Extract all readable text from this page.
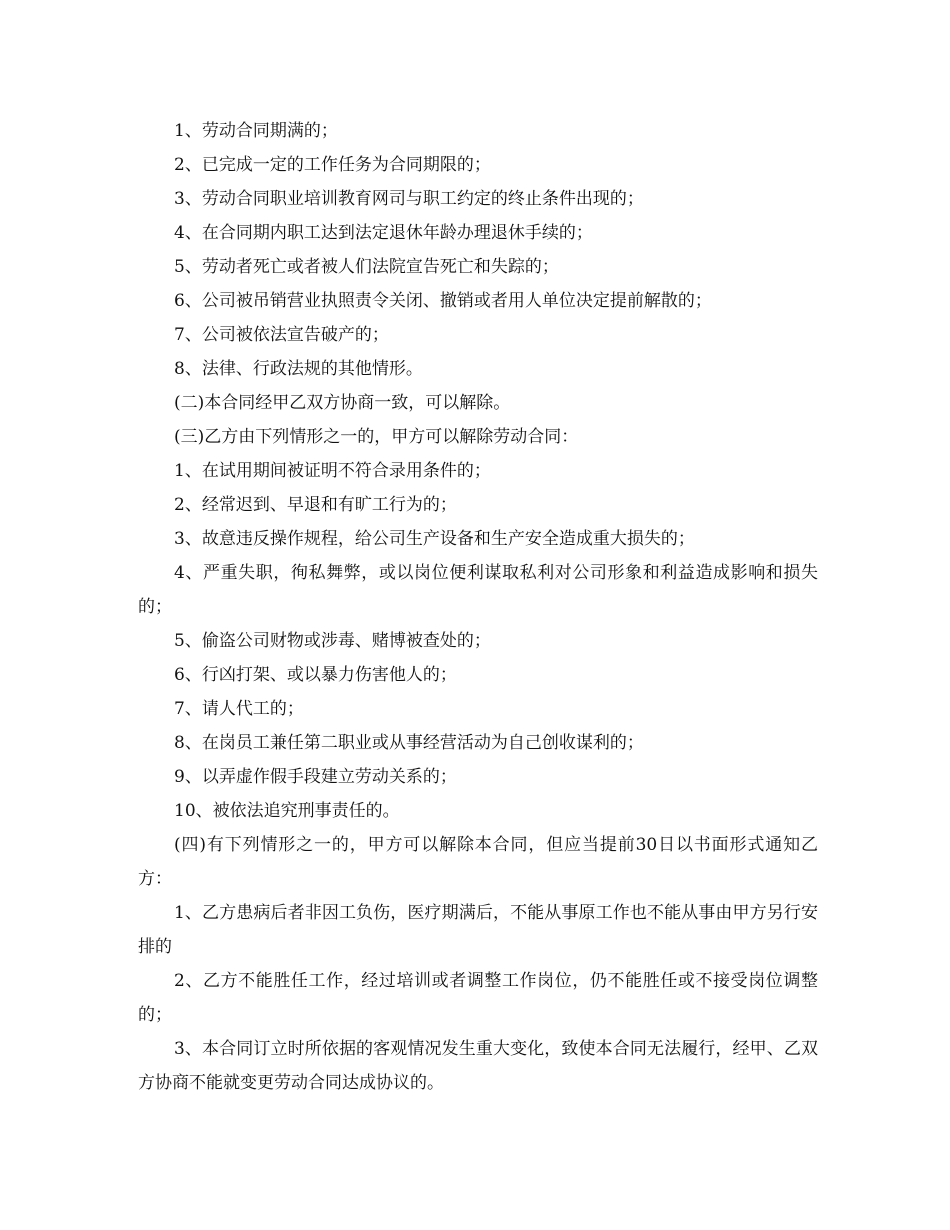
1、劳动合同期满的；

2、已完成一定的工作任务为合同期限的；

3、劳动合同职业培训教育网司与职工约定的终止条件出现的；

4、在合同期内职工达到法定退休年龄办理退休手续的；

5、劳动者死亡或者被人们法院宣告死亡和失踪的；

6、公司被吊销营业执照责令关闭、撤销或者用人单位决定提前解散的；

7、公司被依法宣告破产的；

8、法律、行政法规的其他情形。

(二)本合同经甲乙双方协商一致，可以解除。

(三)乙方由下列情形之一的，甲方可以解除劳动合同：

1、在试用期间被证明不符合录用条件的；

2、经常迟到、早退和有旷工行为的；

3、故意违反操作规程，给公司生产设备和生产安全造成重大损失的；

4、严重失职，徇私舞弊，或以岗位便利谋取私利对公司形象和利益造成影响和损失的；

5、偷盗公司财物或涉毒、赌博被查处的；

6、行凶打架、或以暴力伤害他人的；

7、请人代工的；

8、在岗员工兼任第二职业或从事经营活动为自己创收谋利的；

9、以弄虚作假手段建立劳动关系的；

10、被依法追究刑事责任的。

(四)有下列情形之一的，甲方可以解除本合同，但应当提前30日以书面形式通知乙方：

1、乙方患病后者非因工负伤，医疗期满后，不能从事原工作也不能从事由甲方另行安排的

2、乙方不能胜任工作，经过培训或者调整工作岗位，仍不能胜任或不接受岗位调整的；

3、本合同订立时所依据的客观情况发生重大变化，致使本合同无法履行，经甲、乙双方协商不能就变更劳动合同达成协议的。
